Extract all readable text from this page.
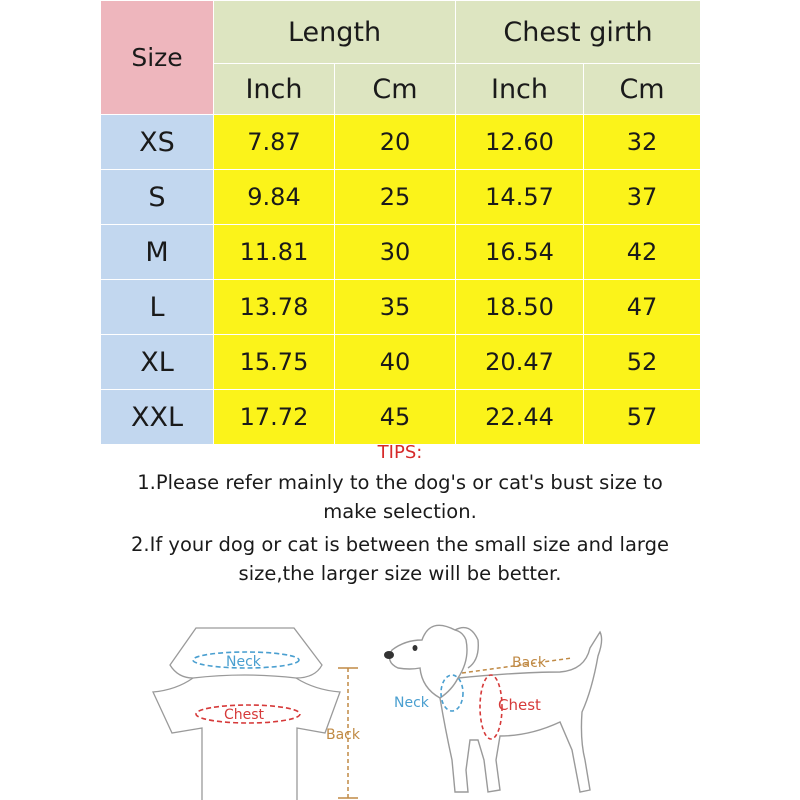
Size	Length		Chest girth	
	Inch	Cm	Inch	Cm
XS	7.87	20	12.60	32
S	9.84	25	14.57	37
M	11.81	30	16.54	42
L	13.78	35	18.50	47
XL	15.75	40	20.47	52
XXL	17.72	45	22.44	57
TIPS:
1.Please refer mainly to the dog's or cat's bust size to
make selection.
2.If your dog or cat is between the small size and large
size,the larger size will be better.
Neck
Chest
Back
Neck	Chest
Back
